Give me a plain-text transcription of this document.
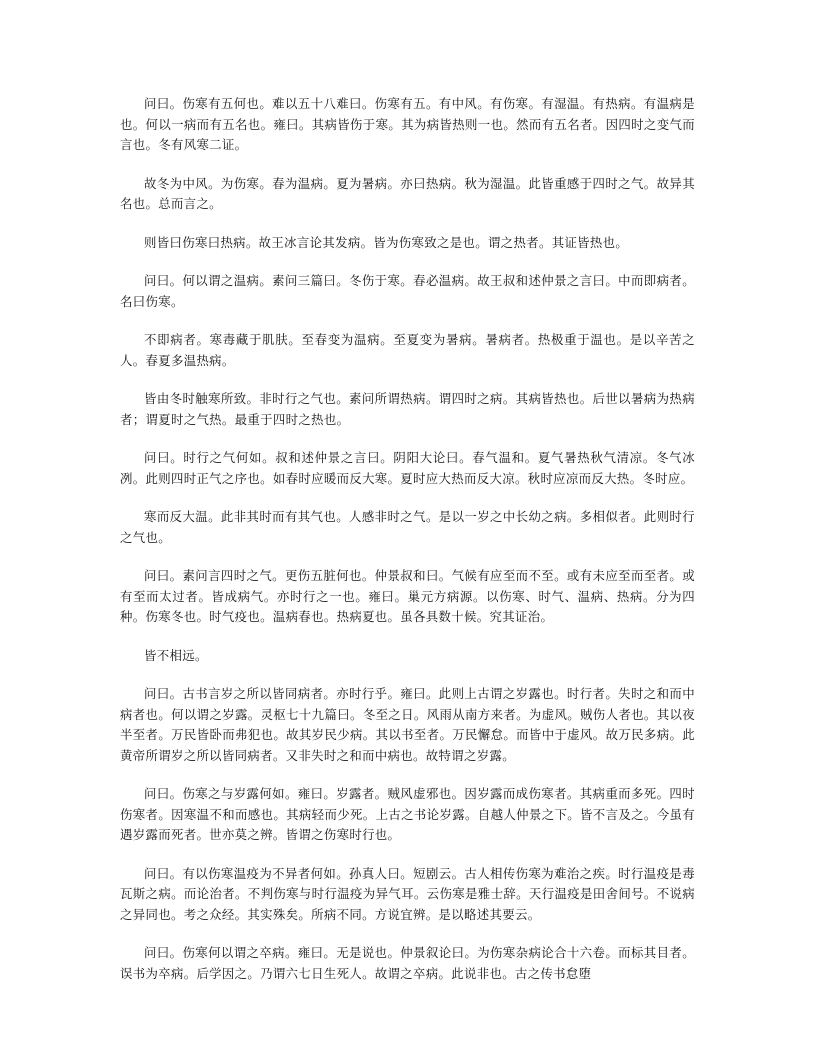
问曰。伤寒有五何也。难以五十八难曰。伤寒有五。有中风。有伤寒。有湿温。有热病。有温病是也。何以一病而有五名也。雍曰。其病皆伤于寒。其为病皆热则一也。然而有五名者。因四时之变气而言也。冬有风寒二证。

故冬为中风。为伤寒。春为温病。夏为暑病。亦曰热病。秋为湿温。此皆重感于四时之气。故异其名也。总而言之。

则皆曰伤寒曰热病。故王冰言论其发病。皆为伤寒致之是也。谓之热者。其证皆热也。

问曰。何以谓之温病。素问三篇曰。冬伤于寒。春必温病。故王叔和述仲景之言曰。中而即病者。名曰伤寒。

不即病者。寒毒藏于肌肤。至春变为温病。至夏变为暑病。暑病者。热极重于温也。是以辛苦之人。春夏多温热病。

皆由冬时触寒所致。非时行之气也。素问所谓热病。谓四时之病。其病皆热也。后世以暑病为热病者；谓夏时之气热。最重于四时之热也。

问曰。时行之气何如。叔和述仲景之言曰。阴阳大论曰。春气温和。夏气暑热秋气清凉。冬气冰冽。此则四时正气之序也。如春时应暖而反大寒。夏时应大热而反大凉。秋时应凉而反大热。冬时应。

寒而反大温。此非其时而有其气也。人感非时之气。是以一岁之中长幼之病。多相似者。此则时行之气也。

问曰。素问言四时之气。更伤五脏何也。仲景叔和曰。气候有应至而不至。或有未应至而至者。或有至而太过者。皆成病气。亦时行之一也。雍曰。巢元方病源。以伤寒、时气、温病、热病。分为四种。伤寒冬也。时气疫也。温病春也。热病夏也。虽各具数十候。究其证治。

皆不相远。

问曰。古书言岁之所以皆同病者。亦时行乎。雍曰。此则上古谓之岁露也。时行者。失时之和而中病者也。何以谓之岁露。灵枢七十九篇曰。冬至之日。风雨从南方来者。为虚风。贼伤人者也。其以夜半至者。万民皆卧而弗犯也。故其岁民少病。其以书至者。万民懈怠。而皆中于虚风。故万民多病。此黄帝所谓岁之所以皆同病者。又非失时之和而中病也。故特谓之岁露。

问曰。伤寒之与岁露何如。雍曰。岁露者。贼风虚邪也。因岁露而成伤寒者。其病重而多死。四时伤寒者。因寒温不和而感也。其病轻而少死。上古之书论岁露。自越人仲景之下。皆不言及之。今虽有遇岁露而死者。世亦莫之辨。皆谓之伤寒时行也。

问曰。有以伤寒温疫为不异者何如。孙真人曰。短剧云。古人相传伤寒为难治之疾。时行温疫是毒瓦斯之病。而论治者。不判伤寒与时行温疫为异气耳。云伤寒是雅士辞。天行温疫是田舍间号。不说病之异同也。考之众经。其实殊矣。所病不同。方说宜辨。是以略述其要云。

问曰。伤寒何以谓之卒病。雍曰。无是说也。仲景叙论曰。为伤寒杂病论合十六卷。而标其目者。误书为卒病。后学因之。乃谓六七日生死人。故谓之卒病。此说非也。古之传书怠堕
